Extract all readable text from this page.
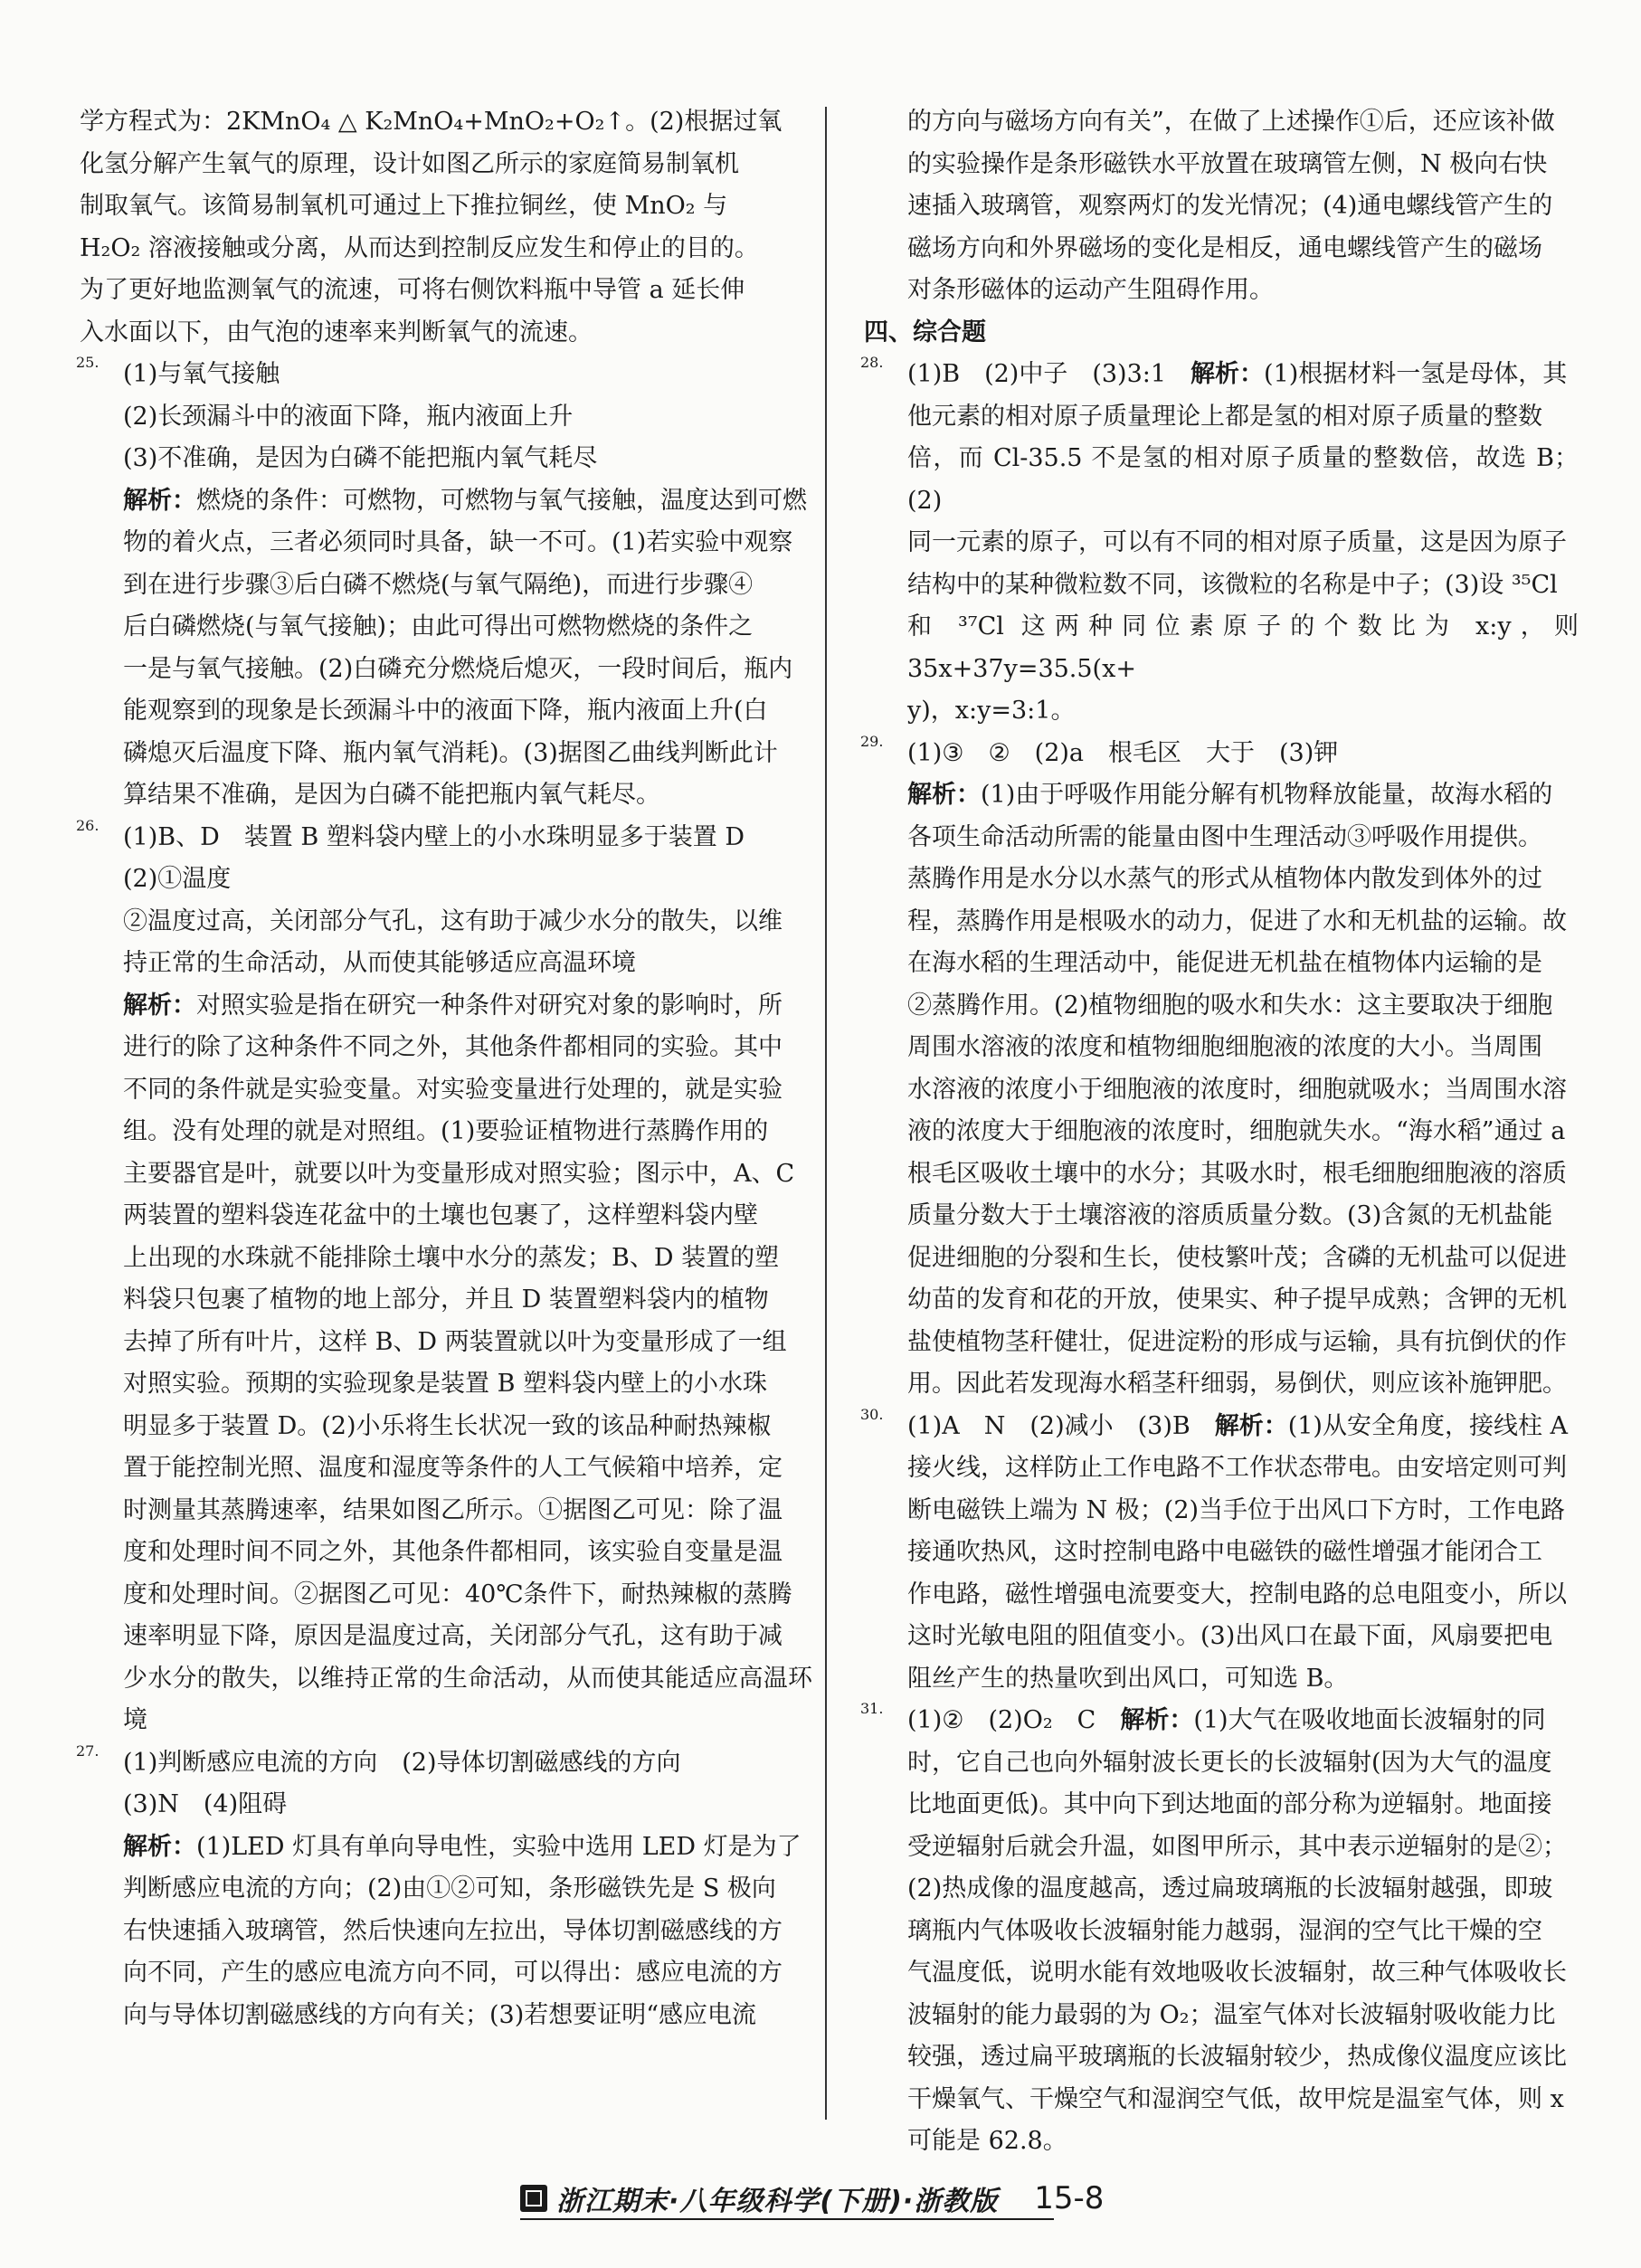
学方程式为：2KMnO₄ △ K₂MnO₄+MnO₂+O₂↑。(2)根据过氧

化氢分解产生氧气的原理，设计如图乙所示的家庭简易制氧机

制取氧气。该简易制氧机可通过上下推拉铜丝，使 MnO₂ 与

H₂O₂ 溶液接触或分离，从而达到控制反应发生和停止的目的。

为了更好地监测氧气的流速，可将右侧饮料瓶中导管 a 延长伸

入水面以下，由气泡的速率来判断氧气的流速。

25. (1)与氧气接触

(2)长颈漏斗中的液面下降，瓶内液面上升

(3)不准确，是因为白磷不能把瓶内氧气耗尽

解析：燃烧的条件：可燃物，可燃物与氧气接触，温度达到可燃

物的着火点，三者必须同时具备，缺一不可。(1)若实验中观察

到在进行步骤③后白磷不燃烧(与氧气隔绝)，而进行步骤④

后白磷燃烧(与氧气接触)；由此可得出可燃物燃烧的条件之

一是与氧气接触。(2)白磷充分燃烧后熄灭，一段时间后，瓶内

能观察到的现象是长颈漏斗中的液面下降，瓶内液面上升(白

磷熄灭后温度下降、瓶内氧气消耗)。(3)据图乙曲线判断此计

算结果不准确，是因为白磷不能把瓶内氧气耗尽。

26. (1)B、D　装置 B 塑料袋内壁上的小水珠明显多于装置 D

(2)①温度

②温度过高，关闭部分气孔，这有助于减少水分的散失，以维

持正常的生命活动，从而使其能够适应高温环境

解析：对照实验是指在研究一种条件对研究对象的影响时，所

进行的除了这种条件不同之外，其他条件都相同的实验。其中

不同的条件就是实验变量。对实验变量进行处理的，就是实验

组。没有处理的就是对照组。(1)要验证植物进行蒸腾作用的

主要器官是叶，就要以叶为变量形成对照实验；图示中，A、C

两装置的塑料袋连花盆中的土壤也包裹了，这样塑料袋内壁

上出现的水珠就不能排除土壤中水分的蒸发；B、D 装置的塑

料袋只包裹了植物的地上部分，并且 D 装置塑料袋内的植物

去掉了所有叶片，这样 B、D 两装置就以叶为变量形成了一组

对照实验。预期的实验现象是装置 B 塑料袋内壁上的小水珠

明显多于装置 D。(2)小乐将生长状况一致的该品种耐热辣椒

置于能控制光照、温度和湿度等条件的人工气候箱中培养，定

时测量其蒸腾速率，结果如图乙所示。①据图乙可见：除了温

度和处理时间不同之外，其他条件都相同，该实验自变量是温

度和处理时间。②据图乙可见：40℃条件下，耐热辣椒的蒸腾

速率明显下降，原因是温度过高，关闭部分气孔，这有助于减

少水分的散失，以维持正常的生命活动，从而使其能适应高温环境

27. (1)判断感应电流的方向　(2)导体切割磁感线的方向

(3)N　(4)阻碍

解析：(1)LED 灯具有单向导电性，实验中选用 LED 灯是为了

判断感应电流的方向；(2)由①②可知，条形磁铁先是 S 极向

右快速插入玻璃管，然后快速向左拉出，导体切割磁感线的方

向不同，产生的感应电流方向不同，可以得出：感应电流的方

向与导体切割磁感线的方向有关；(3)若想要证明“感应电流

的方向与磁场方向有关”，在做了上述操作①后，还应该补做

的实验操作是条形磁铁水平放置在玻璃管左侧，N 极向右快

速插入玻璃管，观察两灯的发光情况；(4)通电螺线管产生的

磁场方向和外界磁场的变化是相反，通电螺线管产生的磁场

对条形磁体的运动产生阻碍作用。

四、综合题

28. (1)B　(2)中子　(3)3:1　解析：(1)根据材料一氢是母体，其

他元素的相对原子质量理论上都是氢的相对原子质量的整数

倍，而 Cl-35.5 不是氢的相对原子质量的整数倍，故选 B；(2)

同一元素的原子，可以有不同的相对原子质量，这是因为原子

结构中的某种微粒数不同，该微粒的名称是中子；(3)设 ³⁵Cl

和 ³⁷Cl 这两种同位素原子的个数比为 x:y，则 35x+37y=35.5(x+

y)，x:y=3:1。

29. (1)③　②　(2)a　根毛区　大于　(3)钾

解析：(1)由于呼吸作用能分解有机物释放能量，故海水稻的

各项生命活动所需的能量由图中生理活动③呼吸作用提供。

蒸腾作用是水分以水蒸气的形式从植物体内散发到体外的过

程，蒸腾作用是根吸水的动力，促进了水和无机盐的运输。故

在海水稻的生理活动中，能促进无机盐在植物体内运输的是

②蒸腾作用。(2)植物细胞的吸水和失水：这主要取决于细胞

周围水溶液的浓度和植物细胞细胞液的浓度的大小。当周围

水溶液的浓度小于细胞液的浓度时，细胞就吸水；当周围水溶

液的浓度大于细胞液的浓度时，细胞就失水。“海水稻”通过 a

根毛区吸收土壤中的水分；其吸水时，根毛细胞细胞液的溶质

质量分数大于土壤溶液的溶质质量分数。(3)含氮的无机盐能

促进细胞的分裂和生长，使枝繁叶茂；含磷的无机盐可以促进

幼苗的发育和花的开放，使果实、种子提早成熟；含钾的无机

盐使植物茎秆健壮，促进淀粉的形成与运输，具有抗倒伏的作

用。因此若发现海水稻茎秆细弱，易倒伏，则应该补施钾肥。

30. (1)A　N　(2)减小　(3)B　解析：(1)从安全角度，接线柱 A

接火线，这样防止工作电路不工作状态带电。由安培定则可判

断电磁铁上端为 N 极；(2)当手位于出风口下方时，工作电路

接通吹热风，这时控制电路中电磁铁的磁性增强才能闭合工

作电路，磁性增强电流要变大，控制电路的总电阻变小，所以

这时光敏电阻的阻值变小。(3)出风口在最下面，风扇要把电

阻丝产生的热量吹到出风口，可知选 B。

31. (1)②　(2)O₂　C　解析：(1)大气在吸收地面长波辐射的同

时，它自己也向外辐射波长更长的长波辐射(因为大气的温度

比地面更低)。其中向下到达地面的部分称为逆辐射。地面接

受逆辐射后就会升温，如图甲所示，其中表示逆辐射的是②；

(2)热成像的温度越高，透过扁玻璃瓶的长波辐射越强，即玻

璃瓶内气体吸收长波辐射能力越弱，湿润的空气比干燥的空

气温度低，说明水能有效地吸收长波辐射，故三种气体吸收长

波辐射的能力最弱的为 O₂；温室气体对长波辐射吸收能力比

较强，透过扁平玻璃瓶的长波辐射较少，热成像仪温度应该比

干燥氧气、干燥空气和湿润空气低，故甲烷是温室气体，则 x

可能是 62.8。

浙江期末·八年级科学(下册)·浙教版 15-8
